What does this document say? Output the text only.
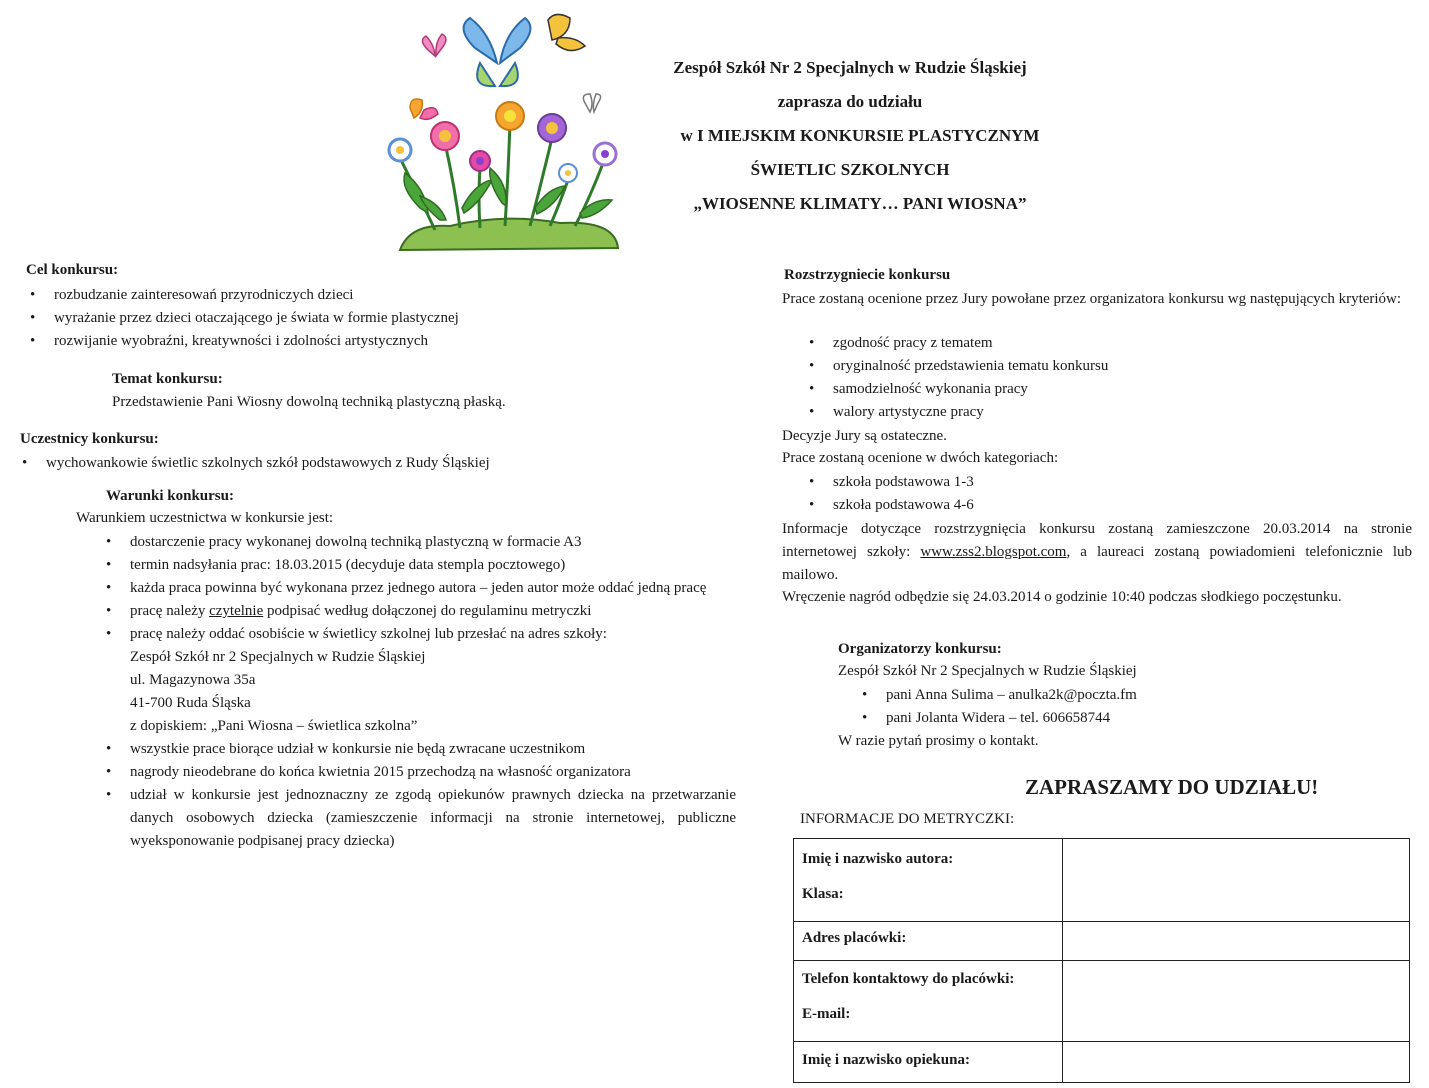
Zespół Szkół Nr 2 Specjalnych w Rudzie Śląskiej
zaprasza do udziału
w I MIEJSKIM KONKURSIE PLASTYCZNYM
ŚWIETLIC SZKOLNYCH
„WIOSENNE KLIMATY… PANI WIOSNA”
Cel konkursu:
• rozbudzanie zainteresowań przyrodniczych dzieci
• wyrażanie przez dzieci otaczającego je świata w formie plastycznej
• rozwijanie wyobraźni, kreatywności i zdolności artystycznych
Temat konkursu:
Przedstawienie Pani Wiosny dowolną techniką plastyczną płaską.
Uczestnicy konkursu:
• wychowankowie świetlic szkolnych szkół podstawowych z Rudy Śląskiej
Warunki konkursu:
Warunkiem uczestnictwa w konkursie jest:
• dostarczenie pracy wykonanej dowolną techniką plastyczną w formacie A3
• termin nadsyłania prac: 18.03.2015 (decyduje data stempla pocztowego)
• każda praca powinna być wykonana przez jednego autora – jeden autor może oddać jedną pracę
• pracę należy czytelnie podpisać według dołączonej do regulaminu metryczki
• pracę należy oddać osobiście w świetlicy szkolnej lub przesłać na adres szkoły:
Zespół Szkół nr 2 Specjalnych w Rudzie Śląskiej
ul. Magazynowa 35a
41-700 Ruda Śląska
z dopiskiem: „Pani Wiosna – świetlica szkolna”
• wszystkie prace biorące udział w konkursie nie będą zwracane uczestnikom
• nagrody nieodebrane do końca kwietnia 2015 przechodzą na własność organizatora
• udział w konkursie jest jednoznaczny ze zgodą opiekunów prawnych dziecka na przetwarzanie danych osobowych dziecka (zamieszczenie informacji na stronie internetowej, publiczne wyeksponowanie podpisanej pracy dziecka)
Rozstrzygniecie konkursu
Prace zostaną ocenione przez Jury powołane przez organizatora konkursu wg następujących kryteriów:
• zgodność pracy z tematem
• oryginalność przedstawienia tematu konkursu
• samodzielność wykonania pracy
• walory artystyczne pracy
Decyzje Jury są ostateczne.
Prace zostaną ocenione w dwóch kategoriach:
• szkoła podstawowa 1-3
• szkoła podstawowa 4-6
Informacje dotyczące rozstrzygnięcia konkursu zostaną zamieszczone 20.03.2014 na stronie internetowej szkoły: www.zss2.blogspot.com, a laureaci zostaną powiadomieni telefonicznie lub mailowo.
Wręczenie nagród odbędzie się 24.03.2014 o godzinie 10:40 podczas słodkiego poczęstunku.
Organizatorzy konkursu:
Zespół Szkół Nr 2 Specjalnych w Rudzie Śląskiej
• pani Anna Sulima – anulka2k@poczta.fm
• pani Jolanta Widera – tel. 606658744
W razie pytań prosimy o kontakt.
ZAPRASZAMY DO UDZIAŁU!
INFORMACJE DO METRYCZKI:
Imię i nazwisko autora:
Klasa:	

Adres placówki:	

Telefon kontaktowy do placówki:
E-mail:	

Imię i nazwisko opiekuna:	
